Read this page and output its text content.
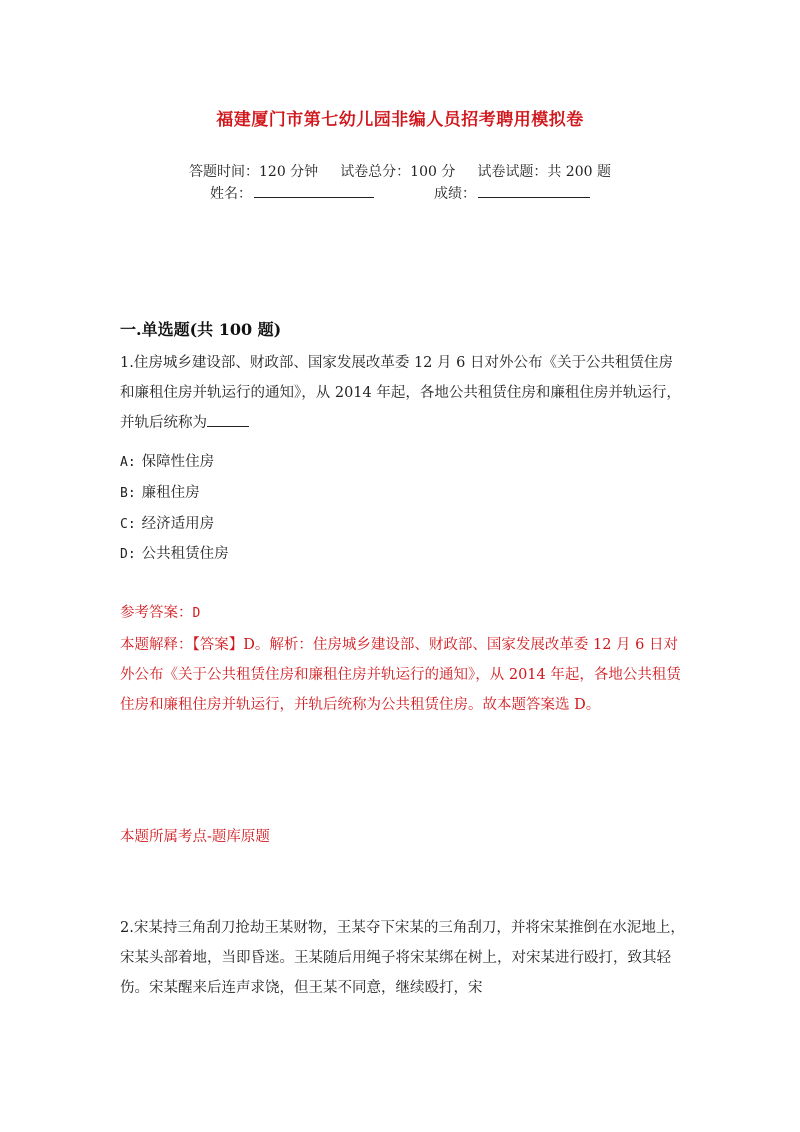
福建厦门市第七幼儿园非编人员招考聘用模拟卷
答题时间：120 分钟 试卷总分：100 分 试卷试题：共 200 题
姓名：	成绩：
一.单选题(共 100 题)
1.住房城乡建设部、财政部、国家发展改革委 12 月 6 日对外公布《关于公共租赁住房和廉租住房并轨运行的通知》，从 2014 年起，各地公共租赁住房和廉租住房并轨运行，并轨后统称为
A: 保障性住房
B: 廉租住房
C: 经济适用房
D: 公共租赁住房
参考答案：D
本题解释：【答案】D。解析：住房城乡建设部、财政部、国家发展改革委 12 月 6 日对外公布《关于公共租赁住房和廉租住房并轨运行的通知》，从 2014 年起，各地公共租赁住房和廉租住房并轨运行，并轨后统称为公共租赁住房。故本题答案选 D。
本题所属考点-题库原题
2.宋某持三角刮刀抢劫王某财物，王某夺下宋某的三角刮刀，并将宋某推倒在水泥地上，宋某头部着地，当即昏迷。王某随后用绳子将宋某绑在树上，对宋某进行殴打，致其轻伤。宋某醒来后连声求饶，但王某不同意，继续殴打，宋
